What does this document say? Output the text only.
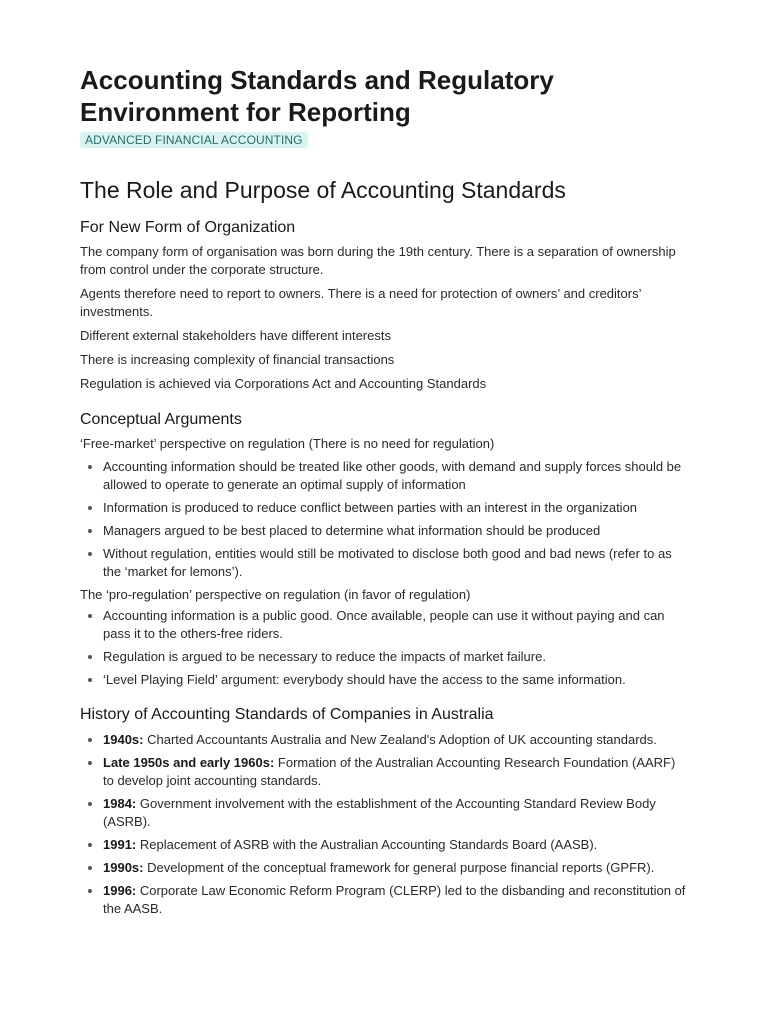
Accounting Standards and Regulatory Environment for Reporting
ADVANCED FINANCIAL ACCOUNTING
The Role and Purpose of Accounting Standards
For New Form of Organization

The company form of organisation was born during the 19th century. There is a separation of ownership from control under the corporate structure.

Agents therefore need to report to owners. There is a need for protection of owners’ and creditors’ investments.

Different external stakeholders have different interests

There is increasing complexity of financial transactions

Regulation is achieved via Corporations Act and Accounting Standards

Conceptual Arguments

‘Free-market’ perspective on regulation (There is no need for regulation)

Accounting information should be treated like other goods, with demand and supply forces should be allowed to operate to generate an optimal supply of information
Information is produced to reduce conflict between parties with an interest in the organization
Managers argued to be best placed to determine what information should be produced
Without regulation, entities would still be motivated to disclose both good and bad news (refer to as the ‘market for lemons’).

The ‘pro-regulation’ perspective on regulation (in favor of regulation)

Accounting information is a public good. Once available, people can use it without paying and can pass it to the others-free riders.
Regulation is argued to be necessary to reduce the impacts of market failure.
‘Level Playing Field’ argument: everybody should have the access to the same information.
History of Accounting Standards of Companies in Australia
1940s: Charted Accountants Australia and New Zealand's Adoption of UK accounting standards.
Late 1950s and early 1960s: Formation of the Australian Accounting Research Foundation (AARF) to develop joint accounting standards.
1984: Government involvement with the establishment of the Accounting Standard Review Body (ASRB).
1991: Replacement of ASRB with the Australian Accounting Standards Board (AASB).
1990s: Development of the conceptual framework for general purpose financial reports (GPFR).
1996: Corporate Law Economic Reform Program (CLERP) led to the disbanding and reconstitution of the AASB.
